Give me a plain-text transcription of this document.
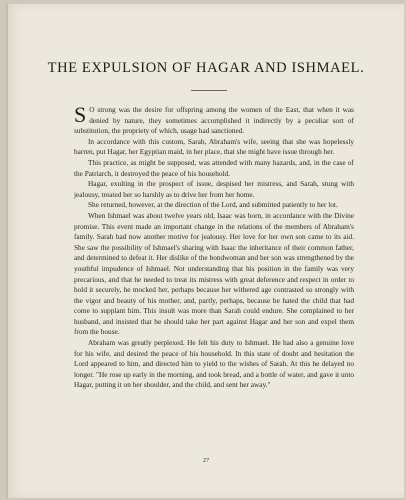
THE EXPULSION OF HAGAR AND ISHMAEL.

S O strong was the desire for offspring among the women of the East, that when it was denied by nature, they sometimes accomplished it indirectly by a peculiar sort of substitution, the propriety of which, usage had sanctioned.

In accordance with this custom, Sarah, Abraham's wife, seeing that she was hopelessly barren, put Hagar, her Egyptian maid, in her place, that she might have issue through her.

This practice, as might be supposed, was attended with many hazards, and, in the case of the Patriarch, it destroyed the peace of his household.

Hagar, exulting in the prospect of issue, despised her mistress, and Sarah, stung with jealousy, treated her so harshly as to drive her from her home.

She returned, however, at the direction of the Lord, and submitted patiently to her lot.

When Ishmael was about twelve years old, Isaac was born, in accordance with the Divine promise. This event made an important change in the relations of the members of Abraham's family. Sarah had now another motive for jealousy. Her love for her own son came to its aid. She saw the possibility of Ishmael's sharing with Isaac the inheritance of their common father, and determined to defeat it. Her dislike of the bondwoman and her son was strengthened by the youthful impudence of Ishmael. Not understanding that his position in the family was very precarious, and that he needed to treat its mistress with great deference and respect in order to hold it securely, he mocked her, perhaps because her withered age contrasted so strongly with the vigor and beauty of his mother, and, partly, perhaps, because he hated the child that had come to supplant him. This insult was more than Sarah could endure. She complained to her husband, and insisted that he should take her part against Hagar and her son and expel them from the house.

Abraham was greatly perplexed. He felt his duty to Ishmael. He had also a genuine love for his wife, and desired the peace of his household. In this state of doubt and hesitation the Lord appeared to him, and directed him to yield to the wishes of Sarah. At this he delayed no longer. "He rose up early in the morning, and took bread, and a bottle of water, and gave it unto Hagar, putting it on her shoulder, and the child, and sent her away."

27
